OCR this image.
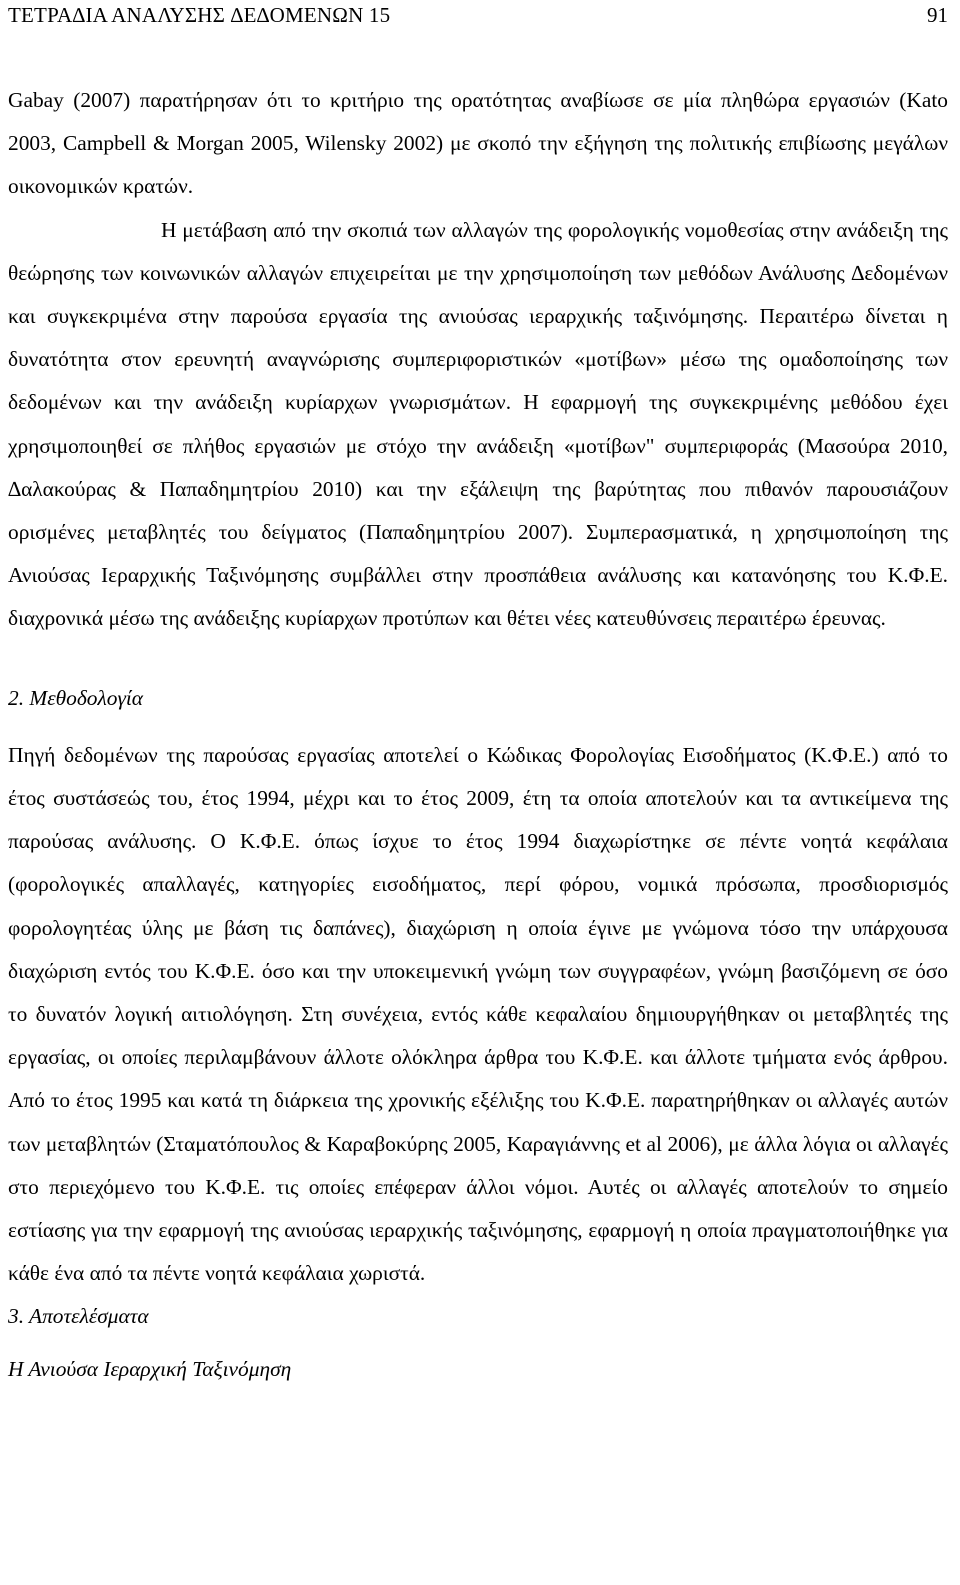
ΤΕΤΡΑ∆ΙΑ ΑΝΑΛΥΣΗΣ ∆Ε∆ΟΜΕΝΩΝ 15	91

Gabay (2007) παρατήρησαν ότι το κριτήριο της ορατότητας αναβίωσε σε μία πληθώρα εργασιών (Kato 2003, Campbell & Morgan 2005, Wilensky 2002) με σκοπό την εξήγηση της πολιτικής επιβίωσης μεγάλων οικονομικών κρατών.

Η μετάβαση από την σκοπιά των αλλαγών της φορολογικής νομοθεσίας στην ανάδειξη της θεώρησης των κοινωνικών αλλαγών επιχειρείται με την χρησιμοποίηση των μεθόδων Ανάλυσης ∆εδομένων και συγκεκριμένα στην παρούσα εργασία της ανιούσας ιεραρχικής ταξινόμησης. Περαιτέρω δίνεται η δυνατότητα στον ερευνητή αναγνώρισης συμπεριφοριστικών «μοτίβων» μέσω της ομαδοποίησης των δεδομένων και την ανάδειξη κυρίαρχων γνωρισμάτων. Η εφαρμογή της συγκεκριμένης μεθόδου έχει χρησιμοποιηθεί σε πλήθος εργασιών με στόχο την ανάδειξη «μοτίβων" συμπεριφοράς (Μασούρα 2010, ∆αλακούρας & Παπαδημητρίου 2010) και την εξάλειψη της βαρύτητας που πιθανόν παρουσιάζουν ορισμένες μεταβλητές του δείγματος (Παπαδημητρίου 2007). Συμπερασματικά, η χρησιμοποίηση της Ανιούσας Ιεραρχικής Ταξινόμησης συμβάλλει στην προσπάθεια ανάλυσης και κατανόησης του Κ.Φ.Ε. διαχρονικά μέσω της ανάδειξης κυρίαρχων προτύπων και θέτει νέες κατευθύνσεις περαιτέρω έρευνας.

2. Μεθοδολογία

Πηγή δεδομένων της παρούσας εργασίας αποτελεί ο Κώδικας Φορολογίας Εισοδήματος (Κ.Φ.Ε.) από το έτος συστάσεώς του, έτος 1994, μέχρι και το έτος 2009, έτη τα οποία αποτελούν και τα αντικείμενα της παρούσας ανάλυσης. Ο Κ.Φ.Ε. όπως ίσχυε το έτος 1994 διαχωρίστηκε σε πέντε νοητά κεφάλαια (φορολογικές απαλλαγές, κατηγορίες εισοδήματος, περί φόρου, νομικά πρόσωπα, προσδιορισμός φορολογητέας ύλης με βάση τις δαπάνες), διαχώριση η οποία έγινε με γνώμονα τόσο την υπάρχουσα διαχώριση εντός του Κ.Φ.Ε. όσο και την υποκειμενική γνώμη των συγγραφέων, γνώμη βασιζόμενη σε όσο το δυνατόν λογική αιτιολόγηση. Στη συνέχεια, εντός κάθε κεφαλαίου δημιουργήθηκαν οι μεταβλητές της εργασίας, οι οποίες περιλαμβάνουν άλλοτε ολόκληρα άρθρα του Κ.Φ.Ε. και άλλοτε τμήματα ενός άρθρου. Από το έτος 1995 και κατά τη διάρκεια της χρονικής εξέλιξης του Κ.Φ.Ε. παρατηρήθηκαν οι αλλαγές αυτών των μεταβλητών (Σταματόπουλος & Καραβοκύρης 2005, Καραγιάννης et al 2006), με άλλα λόγια οι αλλαγές στο περιεχόμενο του Κ.Φ.Ε. τις οποίες επέφεραν άλλοι νόμοι. Αυτές οι αλλαγές αποτελούν το σημείο εστίασης για την εφαρμογή της ανιούσας ιεραρχικής ταξινόμησης, εφαρμογή η οποία πραγματοποιήθηκε για κάθε ένα από τα πέντε νοητά κεφάλαια χωριστά.

3. Αποτελέσματα
Η Ανιούσα Ιεραρχική Ταξινόμηση
